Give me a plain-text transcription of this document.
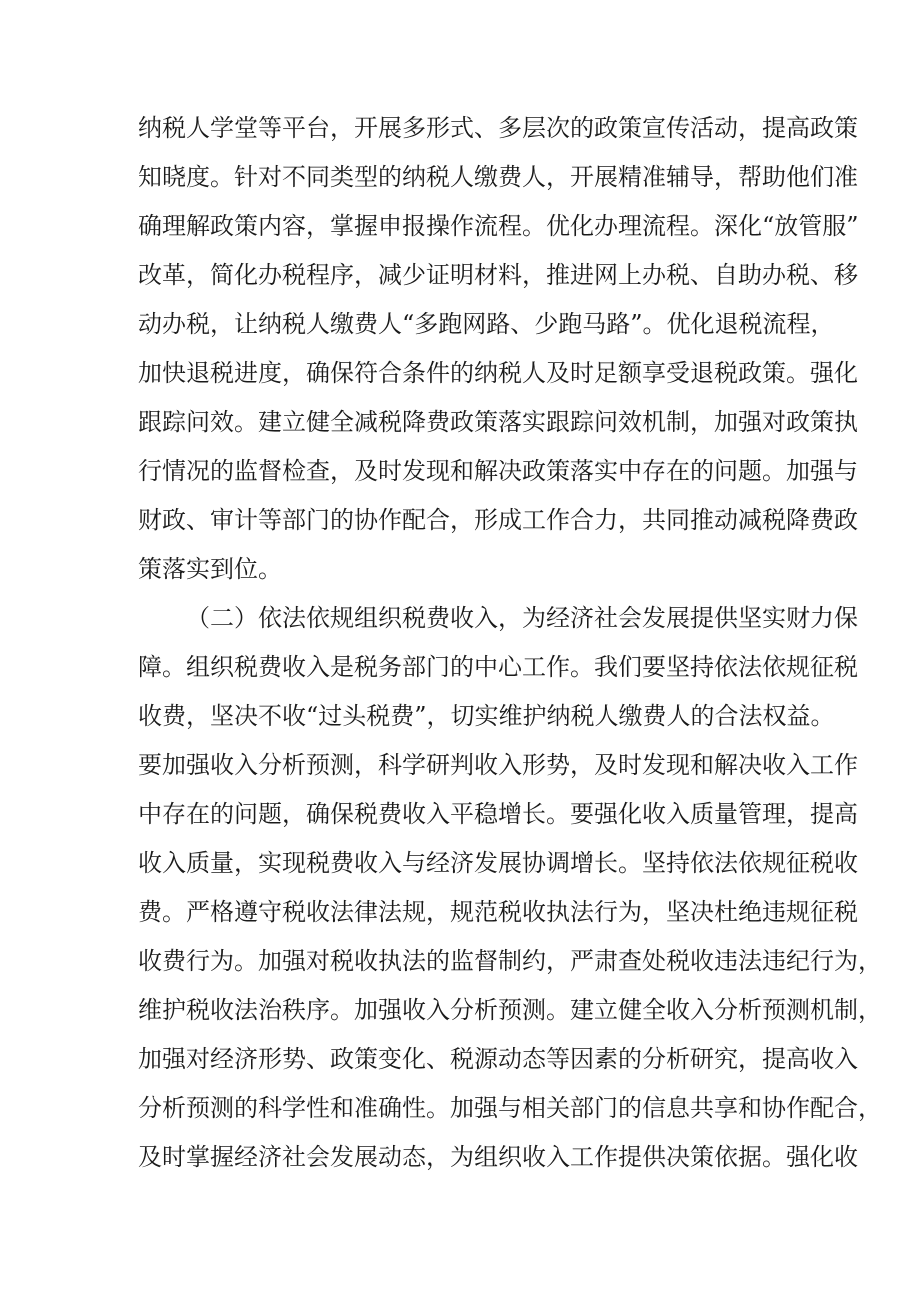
纳税人学堂等平台，开展多形式、多层次的政策宣传活动，提高政策
知晓度。针对不同类型的纳税人缴费人，开展精准辅导，帮助他们准
确理解政策内容，掌握申报操作流程。优化办理流程。深化“放管服”
改革，简化办税程序，减少证明材料，推进网上办税、自助办税、移
动办税，让纳税人缴费人“多跑网路、少跑马路”。优化退税流程，
加快退税进度，确保符合条件的纳税人及时足额享受退税政策。强化
跟踪问效。建立健全减税降费政策落实跟踪问效机制，加强对政策执
行情况的监督检查，及时发现和解决政策落实中存在的问题。加强与
财政、审计等部门的协作配合，形成工作合力，共同推动减税降费政
策落实到位。
（二）依法依规组织税费收入，为经济社会发展提供坚实财力保
障。组织税费收入是税务部门的中心工作。我们要坚持依法依规征税
收费，坚决不收“过头税费”，切实维护纳税人缴费人的合法权益。
要加强收入分析预测，科学研判收入形势，及时发现和解决收入工作
中存在的问题，确保税费收入平稳增长。要强化收入质量管理，提高
收入质量，实现税费收入与经济发展协调增长。坚持依法依规征税收
费。严格遵守税收法律法规，规范税收执法行为，坚决杜绝违规征税
收费行为。加强对税收执法的监督制约，严肃查处税收违法违纪行为，
维护税收法治秩序。加强收入分析预测。建立健全收入分析预测机制，
加强对经济形势、政策变化、税源动态等因素的分析研究，提高收入
分析预测的科学性和准确性。加强与相关部门的信息共享和协作配合，
及时掌握经济社会发展动态，为组织收入工作提供决策依据。强化收
